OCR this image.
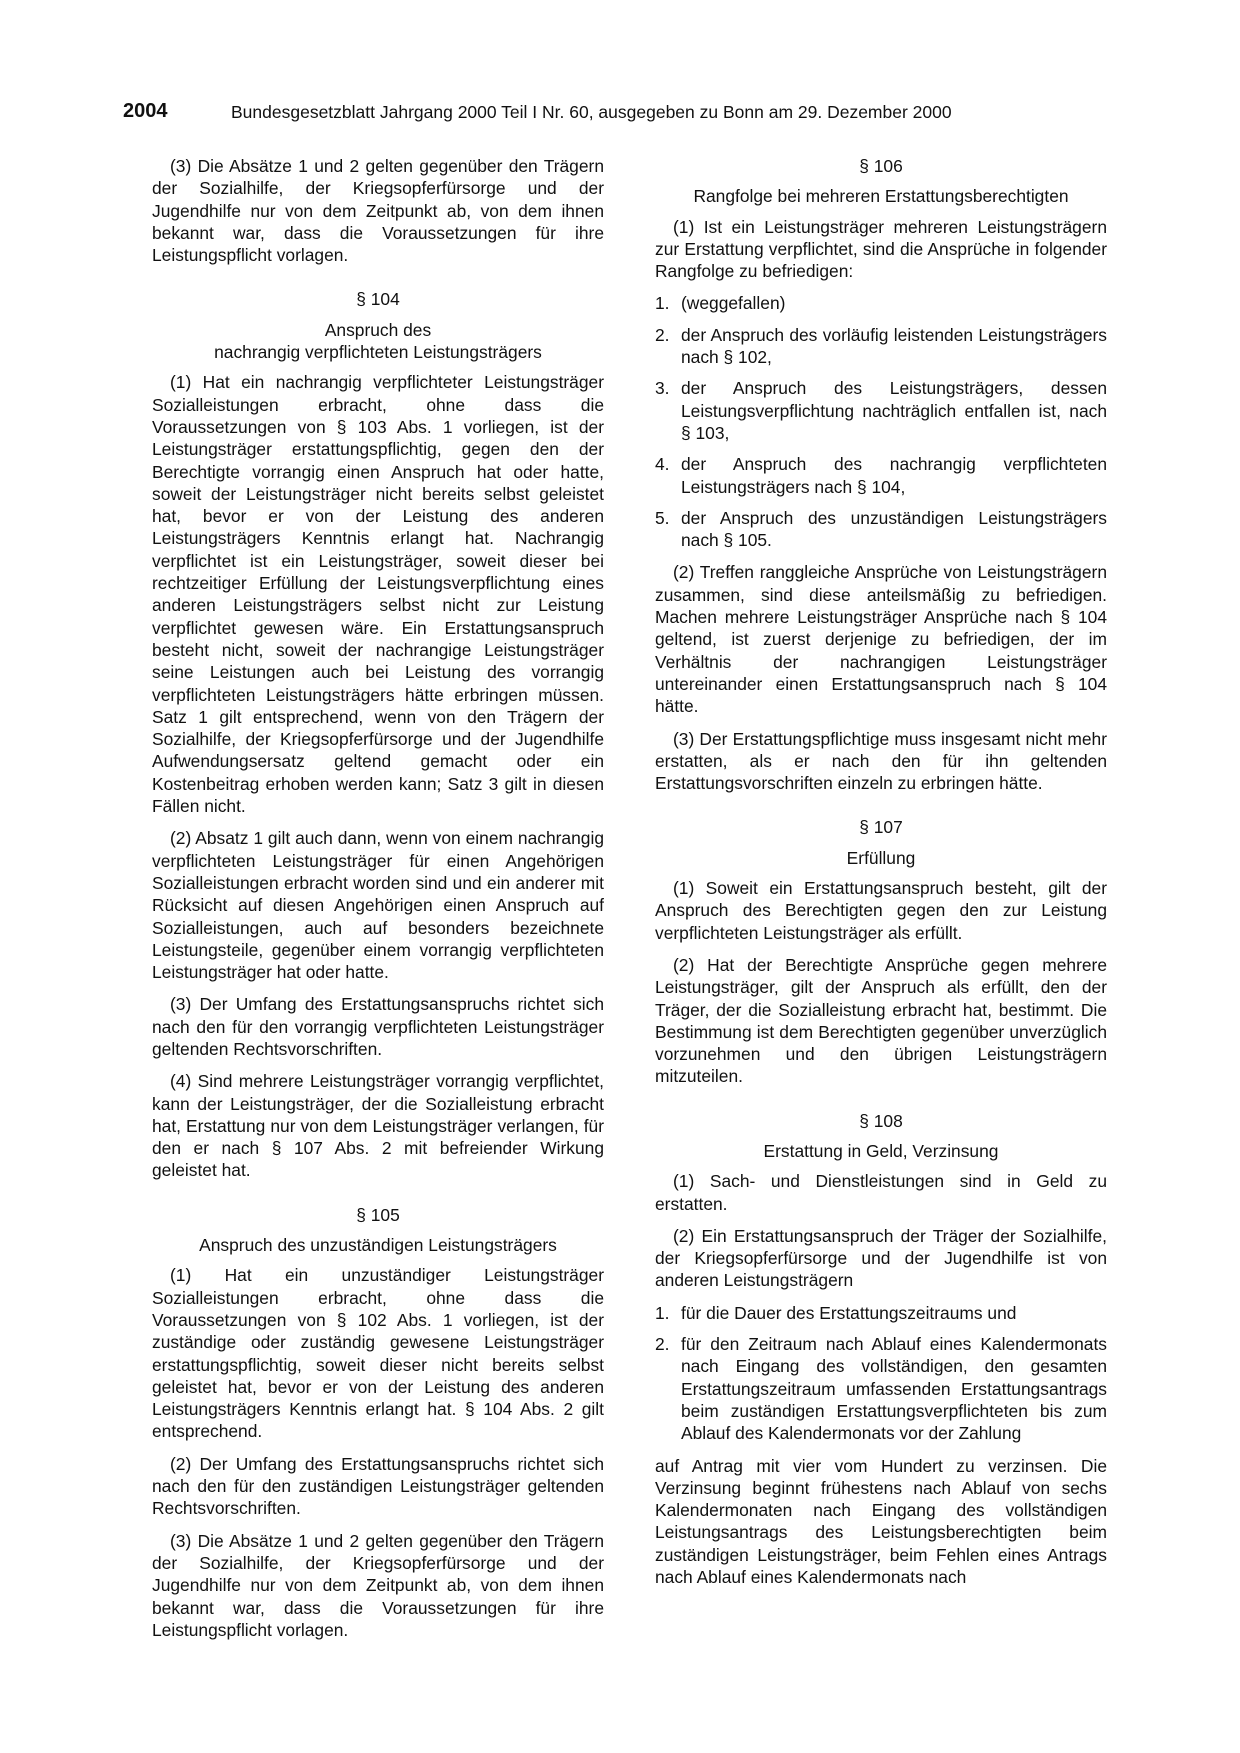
2004	Bundesgesetzblatt Jahrgang 2000 Teil I Nr. 60, ausgegeben zu Bonn am 29. Dezember 2000

(3) Die Absätze 1 und 2 gelten gegenüber den Trägern der Sozialhilfe, der Kriegsopferfürsorge und der Jugendhilfe nur von dem Zeitpunkt ab, von dem ihnen bekannt war, dass die Voraussetzungen für ihre Leistungspflicht vorlagen.

§ 104
Anspruch des
nachrangig verpflichteten Leistungsträgers

(1) Hat ein nachrangig verpflichteter Leistungsträger Sozialleistungen erbracht, ohne dass die Voraussetzungen von § 103 Abs. 1 vorliegen, ist der Leistungsträger erstattungspflichtig, gegen den der Berechtigte vorrangig einen Anspruch hat oder hatte, soweit der Leistungsträger nicht bereits selbst geleistet hat, bevor er von der Leistung des anderen Leistungsträgers Kenntnis erlangt hat. Nachrangig verpflichtet ist ein Leistungsträger, soweit dieser bei rechtzeitiger Erfüllung der Leistungsverpflichtung eines anderen Leistungsträgers selbst nicht zur Leistung verpflichtet gewesen wäre. Ein Erstattungsanspruch besteht nicht, soweit der nachrangige Leistungsträger seine Leistungen auch bei Leistung des vorrangig verpflichteten Leistungsträgers hätte erbringen müssen. Satz 1 gilt entsprechend, wenn von den Trägern der Sozialhilfe, der Kriegsopferfürsorge und der Jugendhilfe Aufwendungsersatz geltend gemacht oder ein Kostenbeitrag erhoben werden kann; Satz 3 gilt in diesen Fällen nicht.

(2) Absatz 1 gilt auch dann, wenn von einem nachrangig verpflichteten Leistungsträger für einen Angehörigen Sozialleistungen erbracht worden sind und ein anderer mit Rücksicht auf diesen Angehörigen einen Anspruch auf Sozialleistungen, auch auf besonders bezeichnete Leistungsteile, gegenüber einem vorrangig verpflichteten Leistungsträger hat oder hatte.

(3) Der Umfang des Erstattungsanspruchs richtet sich nach den für den vorrangig verpflichteten Leistungsträger geltenden Rechtsvorschriften.

(4) Sind mehrere Leistungsträger vorrangig verpflichtet, kann der Leistungsträger, der die Sozialleistung erbracht hat, Erstattung nur von dem Leistungsträger verlangen, für den er nach § 107 Abs. 2 mit befreiender Wirkung geleistet hat.

§ 105
Anspruch des unzuständigen Leistungsträgers

(1) Hat ein unzuständiger Leistungsträger Sozialleistungen erbracht, ohne dass die Voraussetzungen von § 102 Abs. 1 vorliegen, ist der zuständige oder zuständig gewesene Leistungsträger erstattungspflichtig, soweit dieser nicht bereits selbst geleistet hat, bevor er von der Leistung des anderen Leistungsträgers Kenntnis erlangt hat. § 104 Abs. 2 gilt entsprechend.

(2) Der Umfang des Erstattungsanspruchs richtet sich nach den für den zuständigen Leistungsträger geltenden Rechtsvorschriften.

(3) Die Absätze 1 und 2 gelten gegenüber den Trägern der Sozialhilfe, der Kriegsopferfürsorge und der Jugendhilfe nur von dem Zeitpunkt ab, von dem ihnen bekannt war, dass die Voraussetzungen für ihre Leistungspflicht vorlagen.

§ 106
Rangfolge bei mehreren Erstattungsberechtigten

(1) Ist ein Leistungsträger mehreren Leistungsträgern zur Erstattung verpflichtet, sind die Ansprüche in folgender Rangfolge zu befriedigen:

1. (weggefallen)
2. der Anspruch des vorläufig leistenden Leistungsträgers nach § 102,
3. der Anspruch des Leistungsträgers, dessen Leistungsverpflichtung nachträglich entfallen ist, nach § 103,
4. der Anspruch des nachrangig verpflichteten Leistungsträgers nach § 104,
5. der Anspruch des unzuständigen Leistungsträgers nach § 105.

(2) Treffen ranggleiche Ansprüche von Leistungsträgern zusammen, sind diese anteilsmäßig zu befriedigen. Machen mehrere Leistungsträger Ansprüche nach § 104 geltend, ist zuerst derjenige zu befriedigen, der im Verhältnis der nachrangigen Leistungsträger untereinander einen Erstattungsanspruch nach § 104 hätte.

(3) Der Erstattungspflichtige muss insgesamt nicht mehr erstatten, als er nach den für ihn geltenden Erstattungsvorschriften einzeln zu erbringen hätte.

§ 107
Erfüllung

(1) Soweit ein Erstattungsanspruch besteht, gilt der Anspruch des Berechtigten gegen den zur Leistung verpflichteten Leistungsträger als erfüllt.

(2) Hat der Berechtigte Ansprüche gegen mehrere Leistungsträger, gilt der Anspruch als erfüllt, den der Träger, der die Sozialleistung erbracht hat, bestimmt. Die Bestimmung ist dem Berechtigten gegenüber unverzüglich vorzunehmen und den übrigen Leistungsträgern mitzuteilen.

§ 108
Erstattung in Geld, Verzinsung

(1) Sach- und Dienstleistungen sind in Geld zu erstatten.

(2) Ein Erstattungsanspruch der Träger der Sozialhilfe, der Kriegsopferfürsorge und der Jugendhilfe ist von anderen Leistungsträgern

1. für die Dauer des Erstattungszeitraums und
2. für den Zeitraum nach Ablauf eines Kalendermonats nach Eingang des vollständigen, den gesamten Erstattungszeitraum umfassenden Erstattungsantrags beim zuständigen Erstattungsverpflichteten bis zum Ablauf des Kalendermonats vor der Zahlung

auf Antrag mit vier vom Hundert zu verzinsen. Die Verzinsung beginnt frühestens nach Ablauf von sechs Kalendermonaten nach Eingang des vollständigen Leistungsantrags des Leistungsberechtigten beim zuständigen Leistungsträger, beim Fehlen eines Antrags nach Ablauf eines Kalendermonats nach
